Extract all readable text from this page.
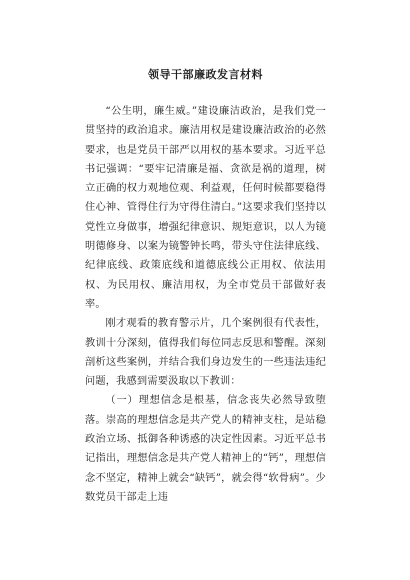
领导干部廉政发言材料

“公生明，廉生威。”建设廉洁政治，是我们党一贯坚持的政治追求。廉洁用权是建设廉洁政治的必然要求，也是党员干部严以用权的基本要求。习近平总书记强调：“要牢记清廉是福、贪欲是祸的道理，树立正确的权力观地位观、利益观，任何时候都要稳得住心神、管得住行为守得住清白。”这要求我们坚持以党性立身做事，增强纪律意识、规矩意识，以人为镜明德修身、以案为镜警钟长鸣，带头守住法律底线、纪律底线、政策底线和道德底线公正用权、依法用权、为民用权、廉洁用权，为全市党员干部做好表率。

刚才观看的教育警示片，几个案例很有代表性，教训十分深刻，值得我们每位同志反思和警醒。深刻剖析这些案例，并结合我们身边发生的一些违法违纪问题，我感到需要汲取以下教训：

（一）理想信念是根基，信念丧失必然导致堕落。崇高的理想信念是共产党人的精神支柱，是站稳政治立场、抵御各种诱惑的决定性因素。习近平总书记指出，理想信念是共产党人精神上的“钙”，理想信念不坚定，精神上就会“缺钙”，就会得“软骨病”。少数党员干部走上违
